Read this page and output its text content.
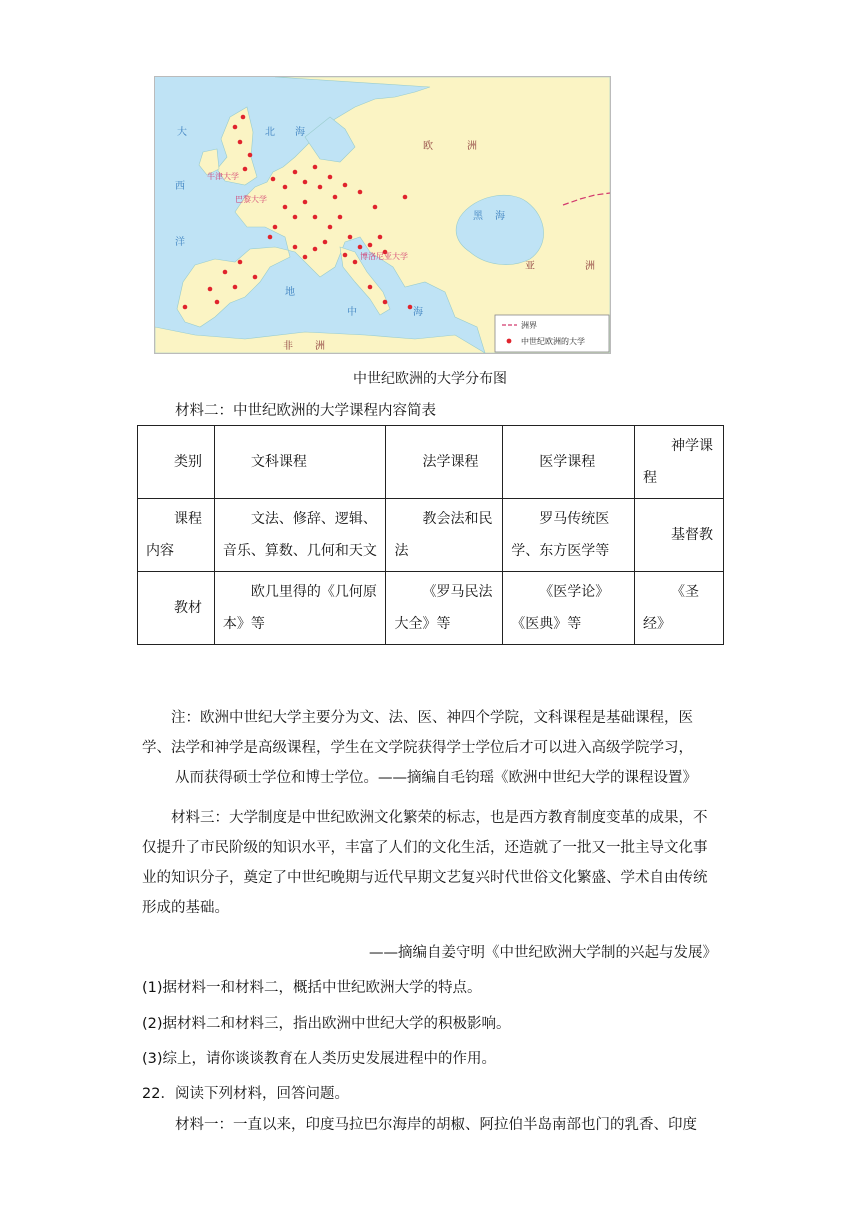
大
西
洋
北 海
黑 海
地
中	海
欧	洲
亚	洲
非 洲
牛津大学
巴黎大学
博洛尼亚大学
洲界
中世纪欧洲的大学
中世纪欧洲的大学分布图
材料二：中世纪欧洲的大学课程内容简表
类别	文科课程	法学课程	医学课程	神学课程
课程内容	文法、修辞、逻辑、音乐、算数、几何和天文	教会法和民法	罗马传统医学、东方医学等	基督教
教材	欧几里得的《几何原本》等	《罗马民法大全》等	《医学论》《医典》等	《圣经》
注：欧洲中世纪大学主要分为文、法、医、神四个学院，文科课程是基础课程，医学、法学和神学是高级课程，学生在文学院获得学士学位后才可以进入高级学院学习，
从而获得硕士学位和博士学位。——摘编自毛钧瑶《欧洲中世纪大学的课程设置》
材料三：大学制度是中世纪欧洲文化繁荣的标志，也是西方教育制度变革的成果，不仅提升了市民阶级的知识水平，丰富了人们的文化生活，还造就了一批又一批主导文化事业的知识分子，奠定了中世纪晚期与近代早期文艺复兴时代世俗文化繁盛、学术自由传统形成的基础。
——摘编自姜守明《中世纪欧洲大学制的兴起与发展》
(1)据材料一和材料二，概括中世纪欧洲大学的特点。
(2)据材料二和材料三，指出欧洲中世纪大学的积极影响。
(3)综上，请你谈谈教育在人类历史发展进程中的作用。
22．阅读下列材料，回答问题。
材料一：一直以来，印度马拉巴尔海岸的胡椒、阿拉伯半岛南部也门的乳香、印度
